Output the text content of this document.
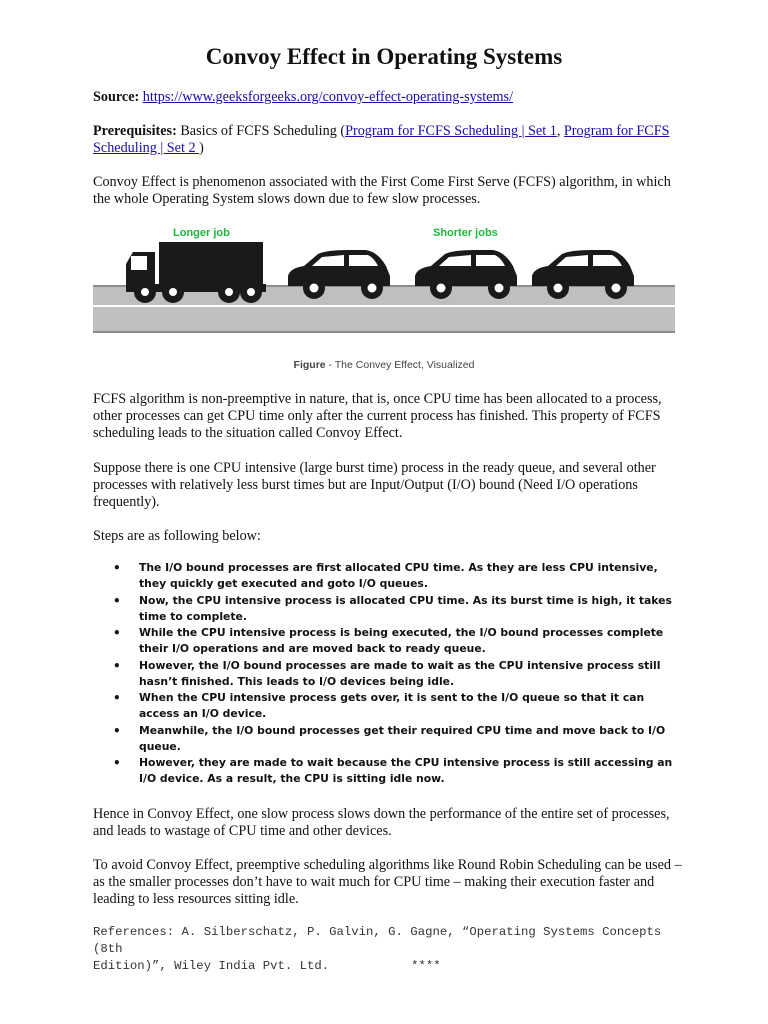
Convoy Effect in Operating Systems

Source: https://www.geeksforgeeks.org/convoy-effect-operating-systems/

Prerequisites: Basics of FCFS Scheduling (Program for FCFS Scheduling | Set 1, Program for FCFS Scheduling | Set 2 )

Convoy Effect is phenomenon associated with the First Come First Serve (FCFS) algorithm, in which the whole Operating System slows down due to few slow processes.

Longer job	Shorter jobs
Figure - The Convey Effect, Visualized

FCFS algorithm is non-preemptive in nature, that is, once CPU time has been allocated to a process, other processes can get CPU time only after the current process has finished. This property of FCFS scheduling leads to the situation called Convoy Effect.

Suppose there is one CPU intensive (large burst time) process in the ready queue, and several other processes with relatively less burst times but are Input/Output (I/O) bound (Need I/O operations frequently).

Steps are as following below:

• The I/O bound processes are first allocated CPU time. As they are less CPU intensive, they quickly get executed and goto I/O queues.
• Now, the CPU intensive process is allocated CPU time. As its burst time is high, it takes time to complete.
• While the CPU intensive process is being executed, the I/O bound processes complete their I/O operations and are moved back to ready queue.
• However, the I/O bound processes are made to wait as the CPU intensive process still hasn’t finished. This leads to I/O devices being idle.
• When the CPU intensive process gets over, it is sent to the I/O queue so that it can access an I/O device.
• Meanwhile, the I/O bound processes get their required CPU time and move back to I/O queue.
• However, they are made to wait because the CPU intensive process is still accessing an I/O device. As a result, the CPU is sitting idle now.

Hence in Convoy Effect, one slow process slows down the performance of the entire set of processes, and leads to wastage of CPU time and other devices.

To avoid Convoy Effect, preemptive scheduling algorithms like Round Robin Scheduling can be used – as the smaller processes don’t have to wait much for CPU time – making their execution faster and leading to less resources sitting idle.

References: A. Silberschatz, P. Galvin, G. Gagne, “Operating Systems Concepts (8th
Edition)”, Wiley India Pvt. Ltd.	****
